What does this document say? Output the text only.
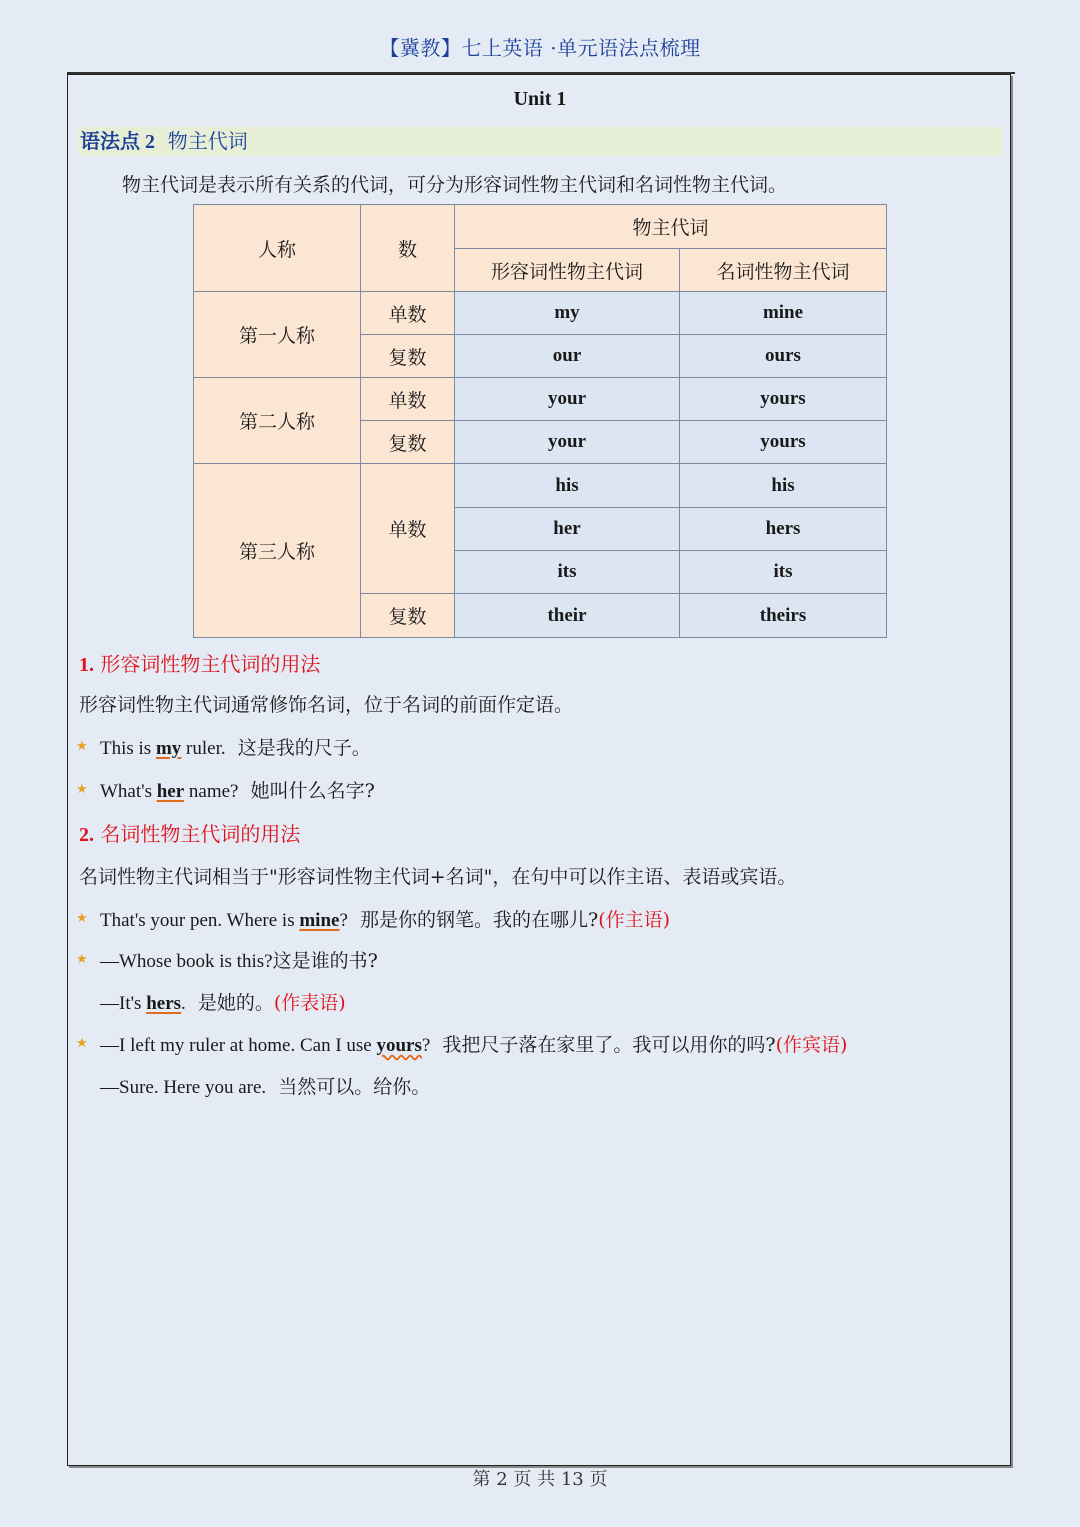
【冀教】七上英语 ·单元语法点梳理
Unit 1
语法点 2 物主代词
物主代词是表示所有关系的代词，可分为形容词性物主代词和名词性物主代词。
人称	数	物主代词	
		形容词性物主代词	名词性物主代词
第一人称	单数	my	mine
	复数	our	ours
第二人称	单数	your	yours
	复数	your	yours
第三人称	单数	his	his
		her	hers
		its	its
	复数	their	theirs
1. 形容词性物主代词的用法
形容词性物主代词通常修饰名词，位于名词的前面作定语。
★ This is my ruler.  这是我的尺子。
★ What's her name?  她叫什么名字?
2. 名词性物主代词的用法
名词性物主代词相当于"形容词性物主代词+名词"，在句中可以作主语、表语或宾语。
★ That's your pen. Where is mine?  那是你的钢笔。我的在哪儿?(作主语)
★ —Whose book is this?这是谁的书?
—It's hers.  是她的。(作表语)
★ —I left my ruler at home. Can I use yours?  我把尺子落在家里了。我可以用你的吗?(作宾语)
—Sure. Here you are.  当然可以。给你。
第 2 页 共 13 页
